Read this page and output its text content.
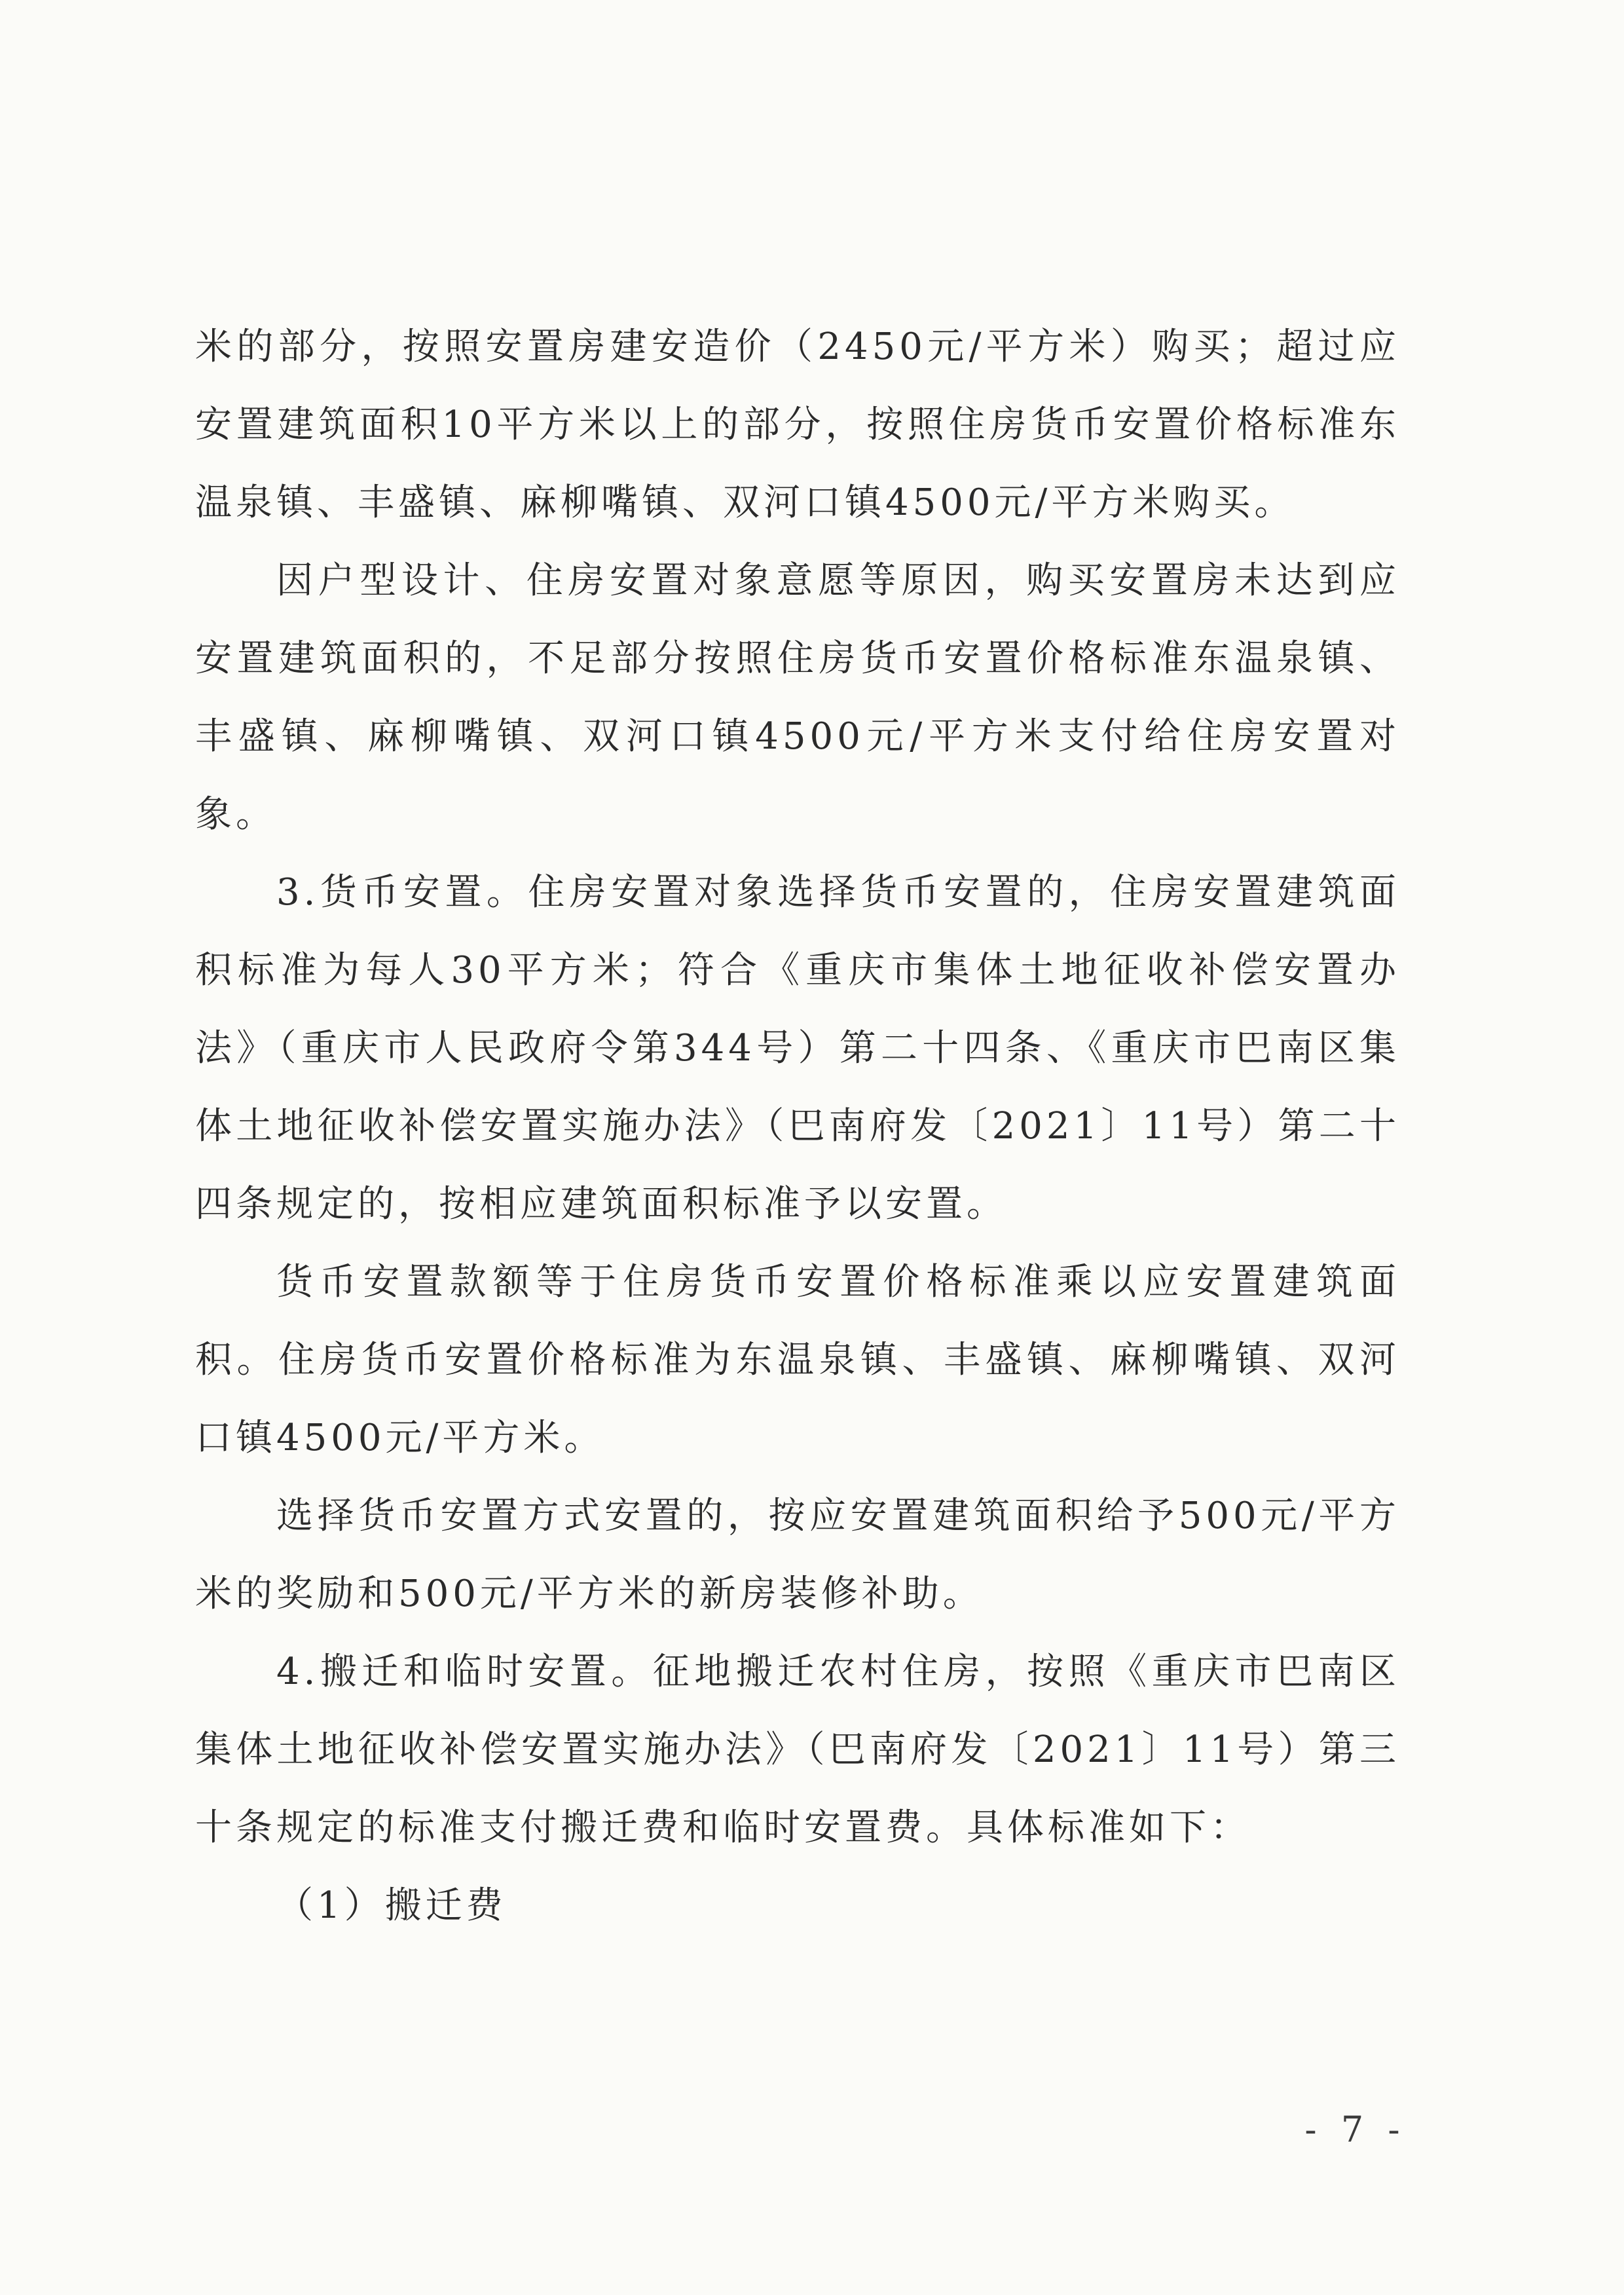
米的部分，按照安置房建安造价（2450元/平方米）购买；超过应安置建筑面积10平方米以上的部分，按照住房货币安置价格标准东温泉镇、丰盛镇、麻柳嘴镇、双河口镇4500元/平方米购买。

因户型设计、住房安置对象意愿等原因，购买安置房未达到应安置建筑面积的，不足部分按照住房货币安置价格标准东温泉镇、丰盛镇、麻柳嘴镇、双河口镇4500元/平方米支付给住房安置对象。

3.货币安置。住房安置对象选择货币安置的，住房安置建筑面积标准为每人30平方米；符合《重庆市集体土地征收补偿安置办法》（重庆市人民政府令第344号）第二十四条、《重庆市巴南区集体土地征收补偿安置实施办法》（巴南府发〔2021〕11号）第二十四条规定的，按相应建筑面积标准予以安置。

货币安置款额等于住房货币安置价格标准乘以应安置建筑面积。住房货币安置价格标准为东温泉镇、丰盛镇、麻柳嘴镇、双河口镇4500元/平方米。

选择货币安置方式安置的，按应安置建筑面积给予500元/平方米的奖励和500元/平方米的新房装修补助。

4.搬迁和临时安置。征地搬迁农村住房，按照《重庆市巴南区集体土地征收补偿安置实施办法》（巴南府发〔2021〕11号）第三十条规定的标准支付搬迁费和临时安置费。具体标准如下：

（1）搬迁费

- 7 -
